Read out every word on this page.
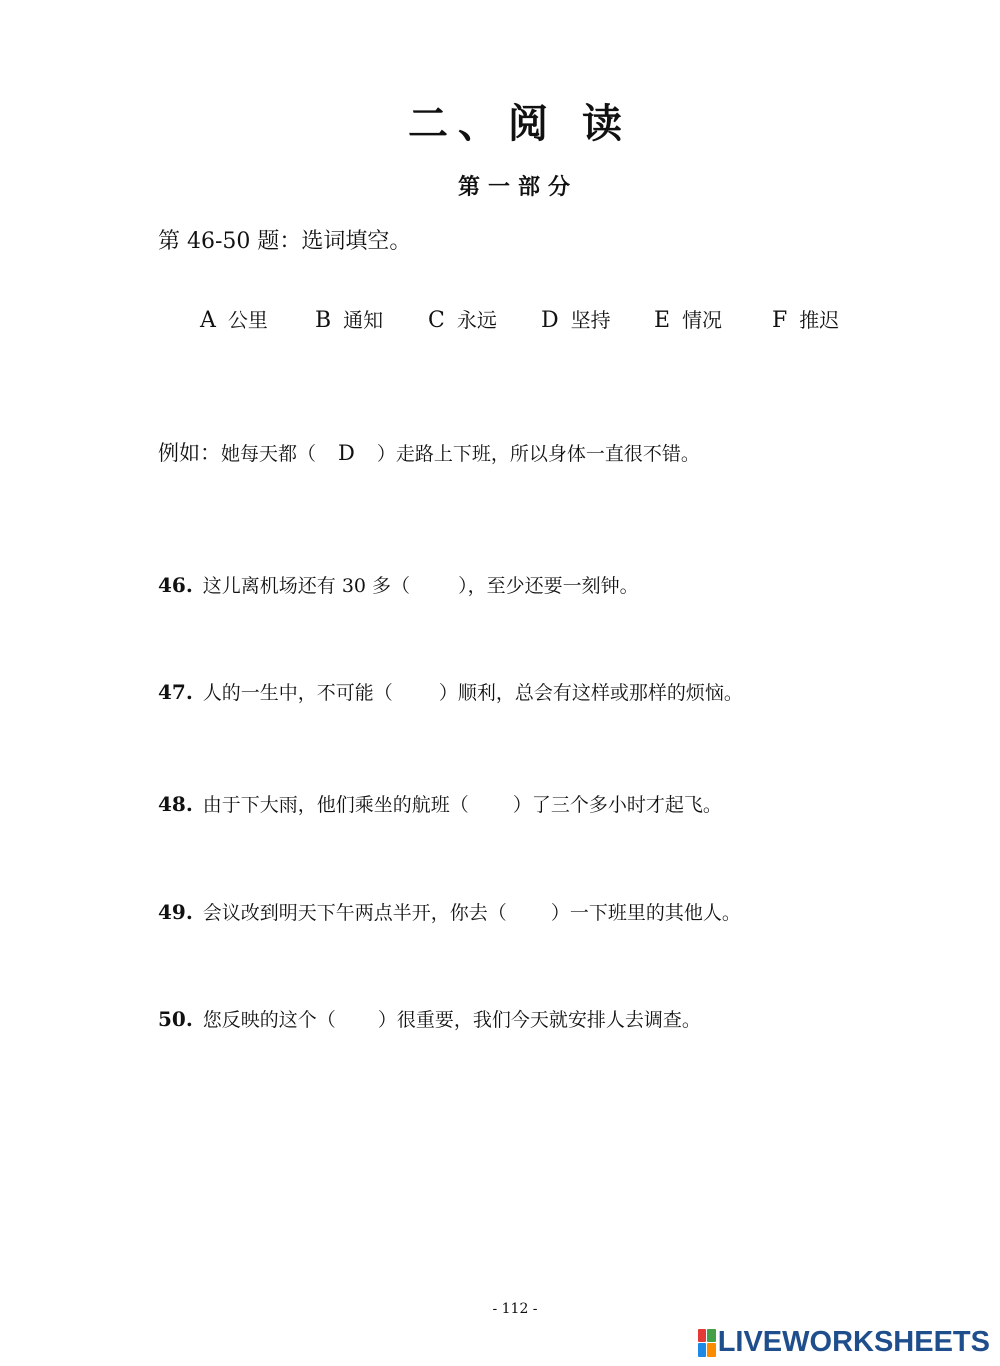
二、阅 读
第一部分
第 46-50 题：选词填空。
A 公里 B 通知 C 永远 D 坚持 E 情况 F 推迟
例如：她每天都（ D ）走路上下班，所以身体一直很不错。
46. 这儿离机场还有 30 多（	），至少还要一刻钟。
47. 人的一生中，不可能（ ）顺利，总会有这样或那样的烦恼。
48. 由于下大雨，他们乘坐的航班（ ）了三个多小时才起飞。
49. 会议改到明天下午两点半开，你去（ ）一下班里的其他人。
50. 您反映的这个（ ）很重要，我们今天就安排人去调查。
- 112 -
LIVEWORKSHEETS
